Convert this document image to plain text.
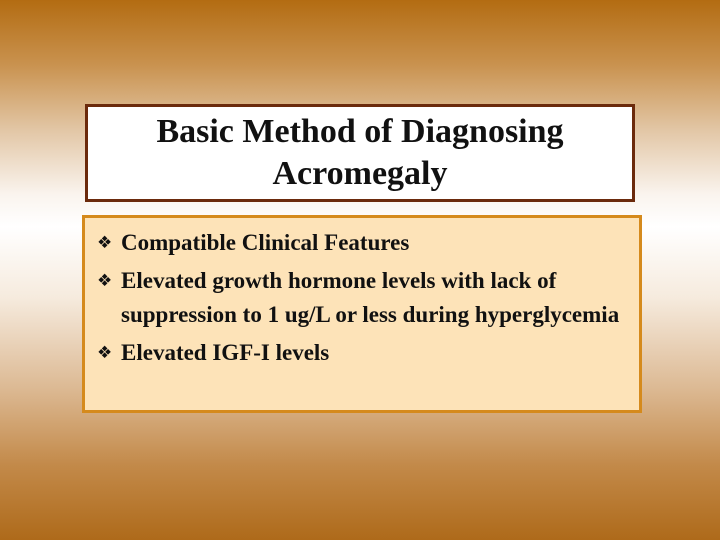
Basic Method of Diagnosing Acromegaly
❖ Compatible Clinical Features
❖ Elevated growth hormone levels with lack of suppression to 1 ug/L or less during hyperglycemia
❖ Elevated IGF-I levels
